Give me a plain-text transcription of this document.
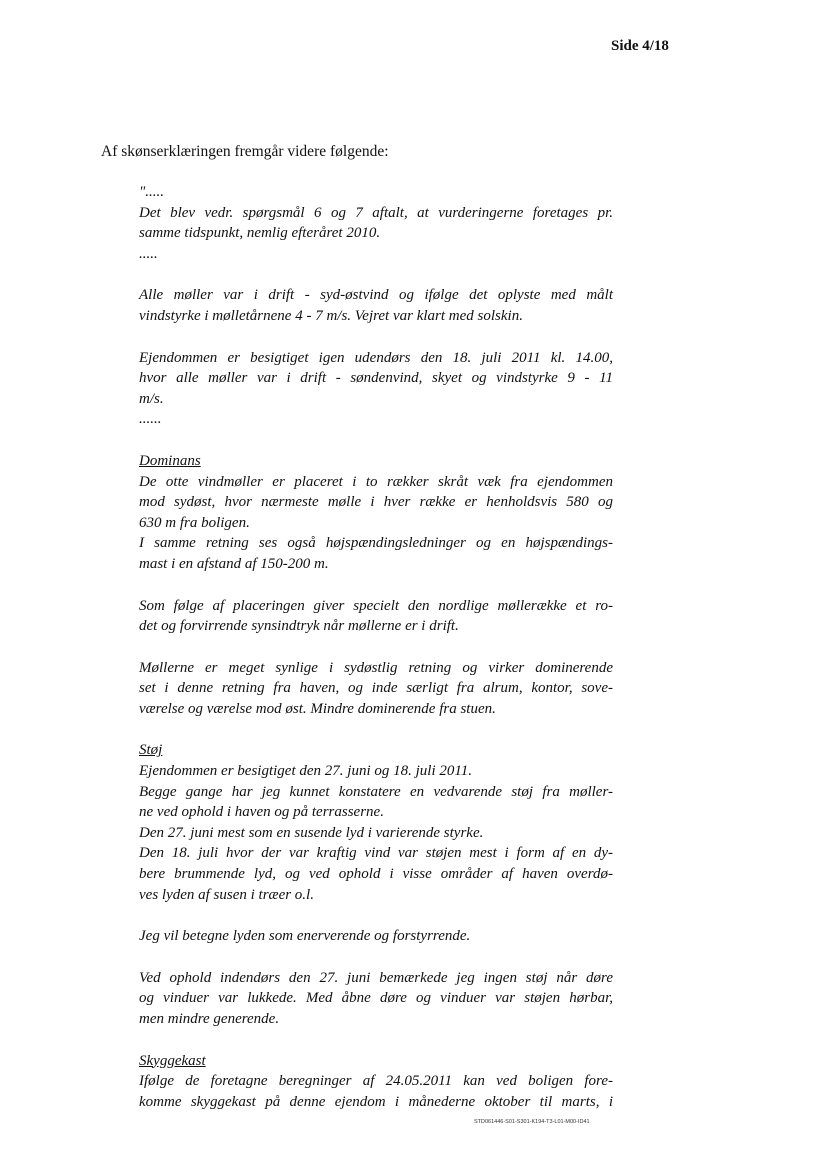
Side 4/18
Af skønserklæringen fremgår videre følgende:

".....

Det blev vedr. spørgsmål 6 og 7 aftalt, at vurderingerne foretages pr.

samme tidspunkt, nemlig efteråret 2010.

.....

Alle møller var i drift - syd-østvind og ifølge det oplyste med målt

vindstyrke i mølletårnene 4 - 7 m/s. Vejret var klart med solskin.

Ejendommen er besigtiget igen udendørs den 18. juli 2011 kl. 14.00,

hvor alle møller var i drift - søndenvind, skyet og vindstyrke 9 - 11

m/s.

......

Dominans

De otte vindmøller er placeret i to rækker skråt væk fra ejendommen

mod sydøst, hvor nærmeste mølle i hver række er henholdsvis 580 og

630 m fra boligen.

I samme retning ses også højspændingsledninger og en højspændings-

mast i en afstand af 150-200 m.

Som følge af placeringen giver specielt den nordlige møllerække et ro-

det og forvirrende synsindtryk når møllerne er i drift.

Møllerne er meget synlige i sydøstlig retning og virker dominerende

set i denne retning fra haven, og inde særligt fra alrum, kontor, sove-

værelse og værelse mod øst. Mindre dominerende fra stuen.

Støj

Ejendommen er besigtiget den 27. juni og 18. juli 2011.

Begge gange har jeg kunnet konstatere en vedvarende støj fra møller-

ne ved ophold i haven og på terrasserne.

Den 27. juni mest som en susende lyd i varierende styrke.

Den 18. juli hvor der var kraftig vind var støjen mest i form af en dy-

bere brummende lyd, og ved ophold i visse områder af haven overdø-

ves lyden af susen i træer o.l.

Jeg vil betegne lyden som enerverende og forstyrrende.

Ved ophold indendørs den 27. juni bemærkede jeg ingen støj når døre

og vinduer var lukkede. Med åbne døre og vinduer var støjen hørbar,

men mindre generende.

Skyggekast

Ifølge de foretagne beregninger af 24.05.2011 kan ved boligen fore-

komme skyggekast på denne ejendom i månederne oktober til marts, i

STD061446-S01-S301-K194-T3-L01-M00-ID41
